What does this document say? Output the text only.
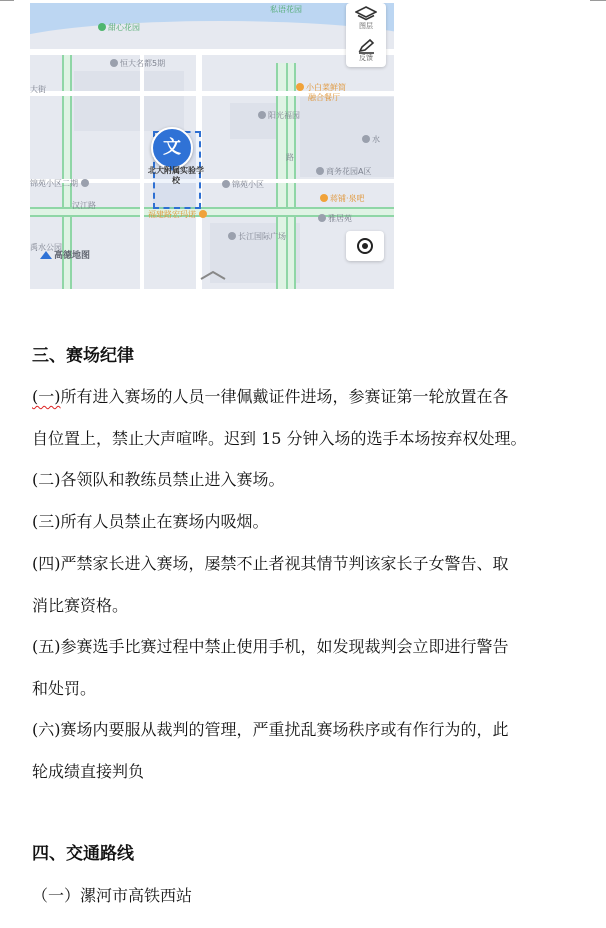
私语花园
甜心花园
恒大名都5期
大街	小白菜鲜简
融合餐厅
阳光福园
水
路
商务花园A区
锦苑小区二期	锦苑小区
蒋铺·泉吧
汉江路
福建路宏玛诺	雅居苑
长江国际广场
禹水公园
文
北大附属实验学校
图层
反馈
高德地图
三、赛场纪律
(一)所有进入赛场的人员一律佩戴证件进场，参赛证第一轮放置在各
自位置上，禁止大声喧哗。迟到 15 分钟入场的选手本场按弃权处理。
(二)各领队和教练员禁止进入赛场。
(三)所有人员禁止在赛场内吸烟。
(四)严禁家长进入赛场，屡禁不止者视其情节判该家长子女警告、取
消比赛资格。
(五)参赛选手比赛过程中禁止使用手机，如发现裁判会立即进行警告
和处罚。
(六)赛场内要服从裁判的管理，严重扰乱赛场秩序或有作行为的，此
轮成绩直接判负
四、交通路线
（一）漯河市高铁西站
